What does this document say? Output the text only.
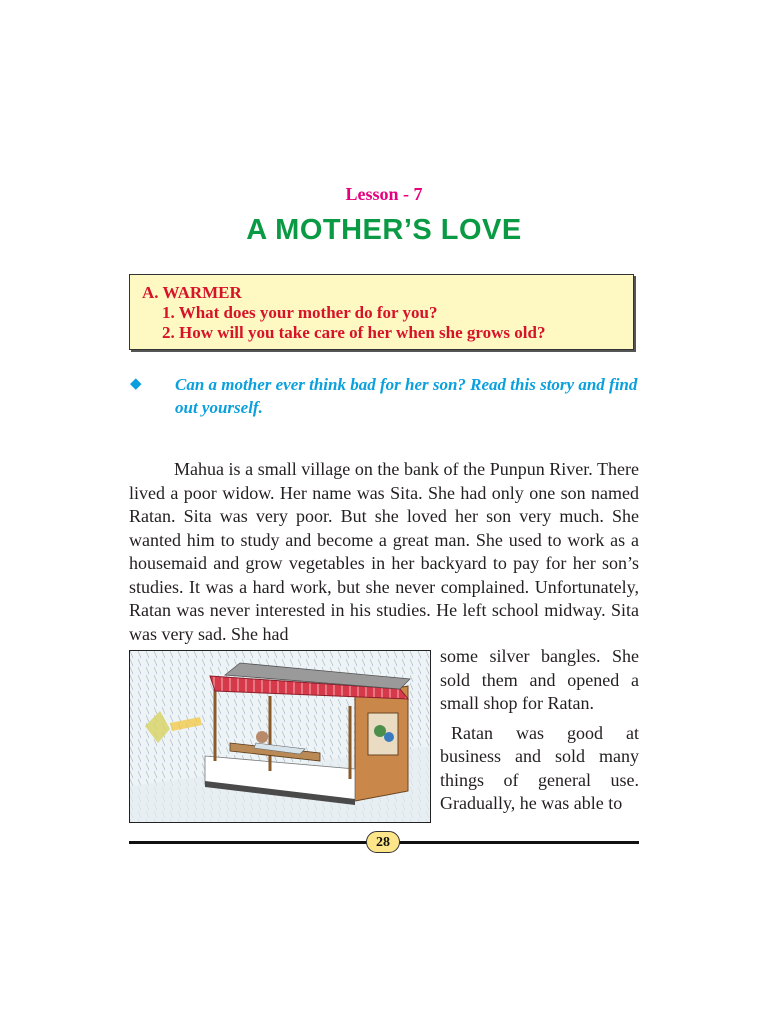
Lesson - 7
A MOTHER’S LOVE
A. WARMER
1. What does your mother do for you?
2. How will you take care of her when she grows old?
◆ Can a mother ever think bad for her son? Read this story and find out yourself.

Mahua is a small village on the bank of the Punpun River. There lived a poor widow. Her name was Sita. She had only one son named Ratan. Sita was very poor. But she loved her son very much. She wanted him to study and become a great man. She used to work as a housemaid and grow vegetables in her backyard to pay for her son’s studies. It was a hard work, but she never complained. Unfortunately, Ratan was never interested in his studies. He left school midway. Sita was very sad. She had

some silver bangles. She sold them and opened a small shop for Ratan.

Ratan was good at business and sold many things of general use. Gradually, he was able to

28
